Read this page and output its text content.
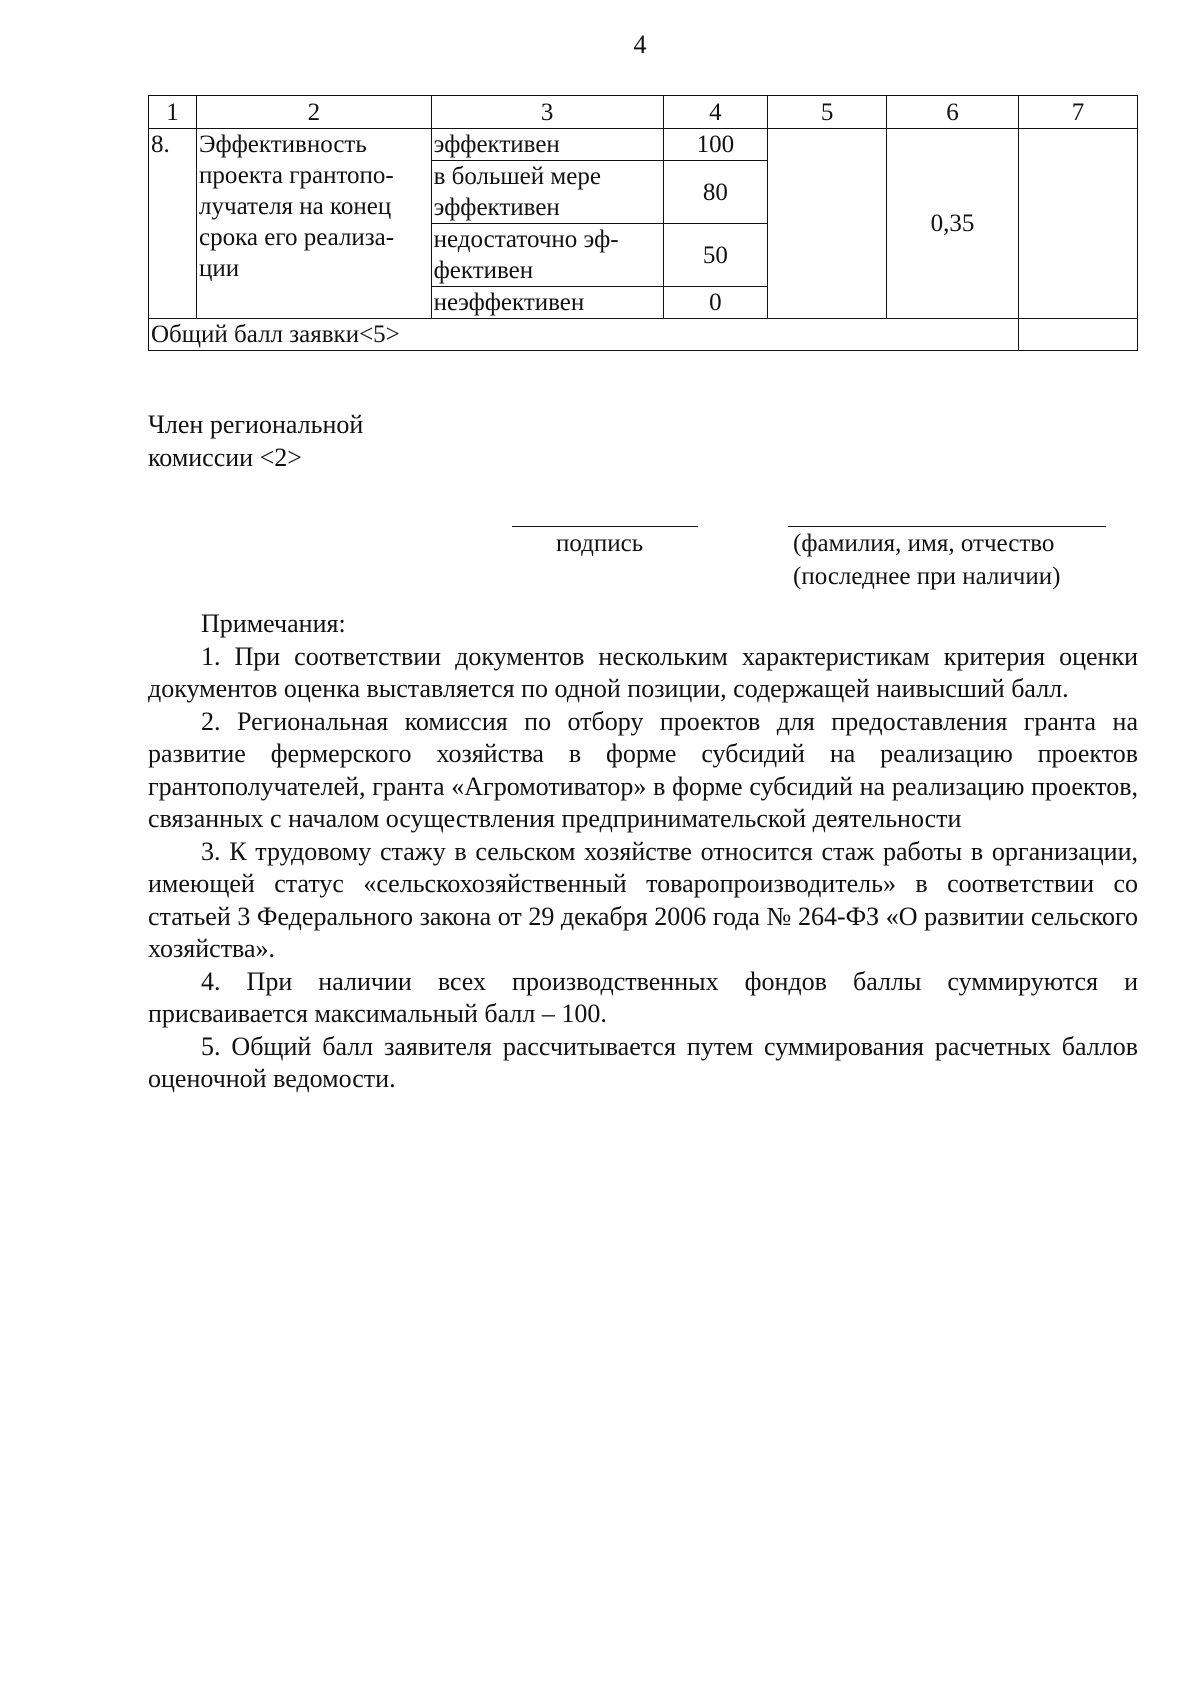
4
1	2	3	4	5	6	7
8.	Эффективность проекта грантопо-лучателя на конец срока его реализа-ции	эффективен	100		0,35	
		в большей мере эффективен	80			
		недостаточно эф-фективен	50			
		неэффективен	0			
Общий балл заявки<5>						
Член региональной
комиссии <2>
подпись	(фамилия, имя, отчество
(последнее при наличии)
Примечания:

1. При соответствии документов нескольким характеристикам критерия оценки документов оценка выставляется по одной позиции, содержащей наивысший балл.

2. Региональная комиссия по отбору проектов для предоставления гранта на развитие фермерского хозяйства в форме субсидий на реализацию проектов грантополучателей, гранта «Агромотиватор» в форме субсидий на реализацию проектов, связанных с началом осуществления предпринимательской деятельности

3. К трудовому стажу в сельском хозяйстве относится стаж работы в организации, имеющей статус «сельскохозяйственный товаропроизводитель» в соответствии со статьей 3 Федерального закона от 29 декабря 2006 года № 264-ФЗ «О развитии сельского хозяйства».

4. При наличии всех производственных фондов баллы суммируются и присваивается максимальный балл – 100.

5. Общий балл заявителя рассчитывается путем суммирования расчетных баллов оценочной ведомости.
